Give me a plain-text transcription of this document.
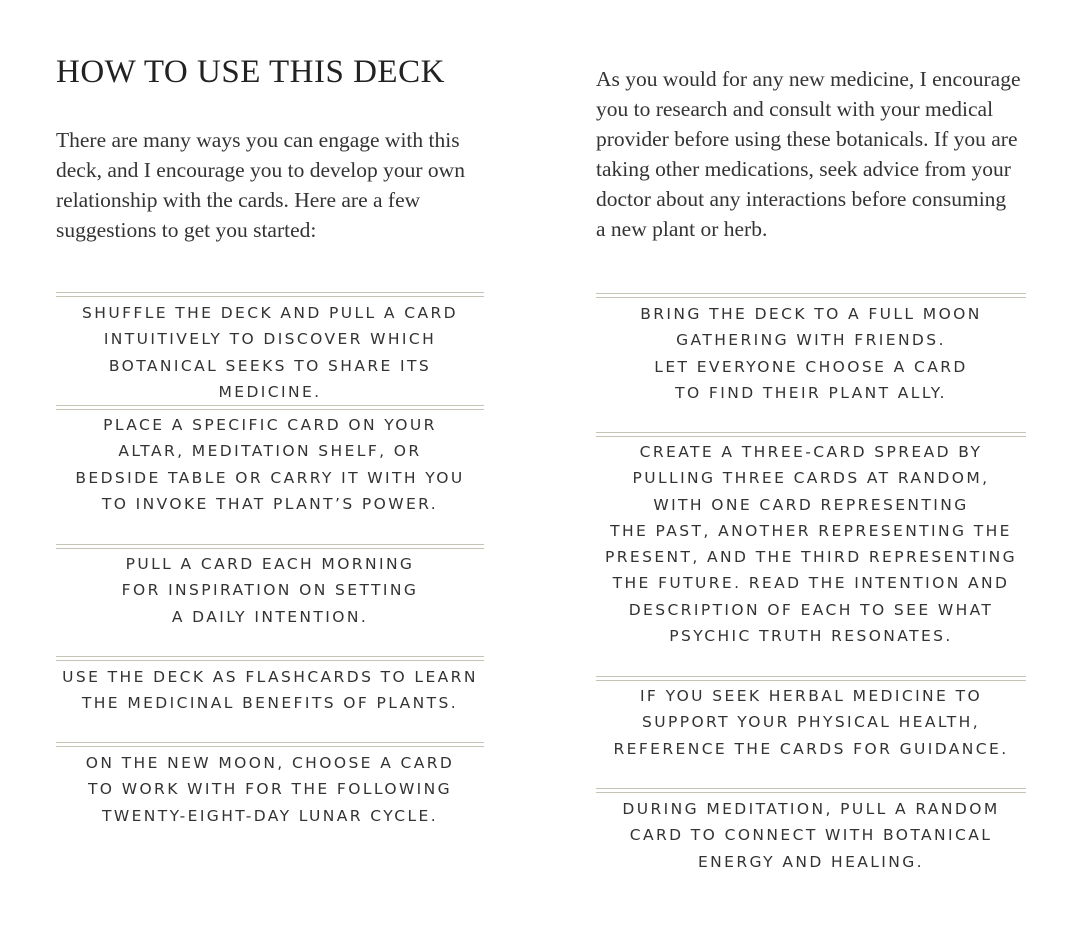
HOW TO USE THIS DECK

There are many ways you can engage with this
deck, and I encourage you to develop your own
relationship with the cards. Here are a few
suggestions to get you started:

SHUFFLE THE DECK AND PULL A CARD
INTUITIVELY TO DISCOVER WHICH
BOTANICAL SEEKS TO SHARE ITS MEDICINE.

PLACE A SPECIFIC CARD ON YOUR
ALTAR, MEDITATION SHELF, OR
BEDSIDE TABLE OR CARRY IT WITH YOU
TO INVOKE THAT PLANT’S POWER.

PULL A CARD EACH MORNING
FOR INSPIRATION ON SETTING
A DAILY INTENTION.

USE THE DECK AS FLASHCARDS TO LEARN
THE MEDICINAL BENEFITS OF PLANTS.

ON THE NEW MOON, CHOOSE A CARD
TO WORK WITH FOR THE FOLLOWING
TWENTY-EIGHT-DAY LUNAR CYCLE.

As you would for any new medicine, I encourage
you to research and consult with your medical
provider before using these botanicals. If you are
taking other medications, seek advice from your
doctor about any interactions before consuming
a new plant or herb.

BRING THE DECK TO A FULL MOON
GATHERING WITH FRIENDS.
LET EVERYONE CHOOSE A CARD
TO FIND THEIR PLANT ALLY.

CREATE A THREE-CARD SPREAD BY
PULLING THREE CARDS AT RANDOM,
WITH ONE CARD REPRESENTING
THE PAST, ANOTHER REPRESENTING THE
PRESENT, AND THE THIRD REPRESENTING
THE FUTURE. READ THE INTENTION AND
DESCRIPTION OF EACH TO SEE WHAT
PSYCHIC TRUTH RESONATES.

IF YOU SEEK HERBAL MEDICINE TO
SUPPORT YOUR PHYSICAL HEALTH,
REFERENCE THE CARDS FOR GUIDANCE.

DURING MEDITATION, PULL A RANDOM
CARD TO CONNECT WITH BOTANICAL
ENERGY AND HEALING.
